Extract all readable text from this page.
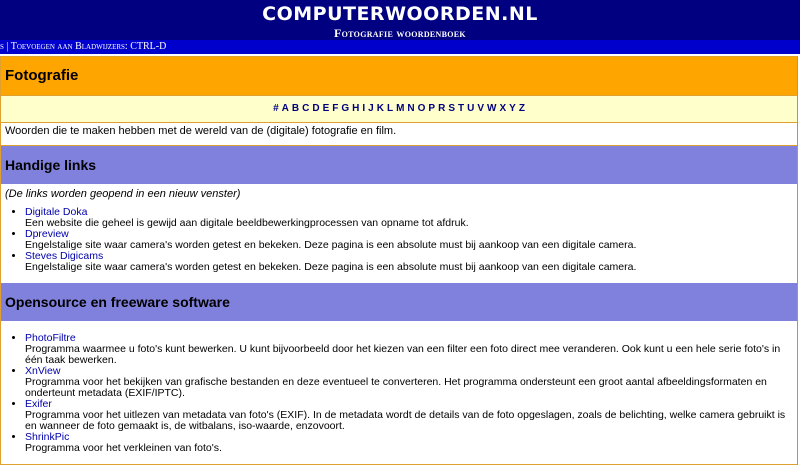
COMPUTERWOORDEN.NL
Fotografie woordenboek
s | Toevoegen aan Bladwijzers: CTRL-D
Fotografie
# A B C D E F G H I J K L M N O P R S T U V W X Y Z
Woorden die te maken hebben met de wereld van de (digitale) fotografie en film.
Handige links
(De links worden geopend in een nieuw venster)
• Digitale Doka
Een website die geheel is gewijd aan digitale beeldbewerkingprocessen van opname tot afdruk.
• Dpreview
Engelstalige site waar camera's worden getest en bekeken. Deze pagina is een absolute must bij aankoop van een digitale camera.
• Steves Digicams
Engelstalige site waar camera's worden getest en bekeken. Deze pagina is een absolute must bij aankoop van een digitale camera.
Opensource en freeware software
• PhotoFiltre
Programma waarmee u foto's kunt bewerken. U kunt bijvoorbeeld door het kiezen van een filter een foto direct mee veranderen. Ook kunt u een hele serie foto's in één taak bewerken.
• XnView
Programma voor het bekijken van grafische bestanden en deze eventueel te converteren. Het programma ondersteunt een groot aantal afbeeldingsformaten en onderteunt metadata (EXIF/IPTC).
• Exifer
Programma voor het uitlezen van metadata van foto's (EXIF). In de metadata wordt de details van de foto opgeslagen, zoals de belichting, welke camera gebruikt is en wanneer de foto gemaakt is, de witbalans, iso-waarde, enzovoort.
• ShrinkPic
Programma voor het verkleinen van foto's.
